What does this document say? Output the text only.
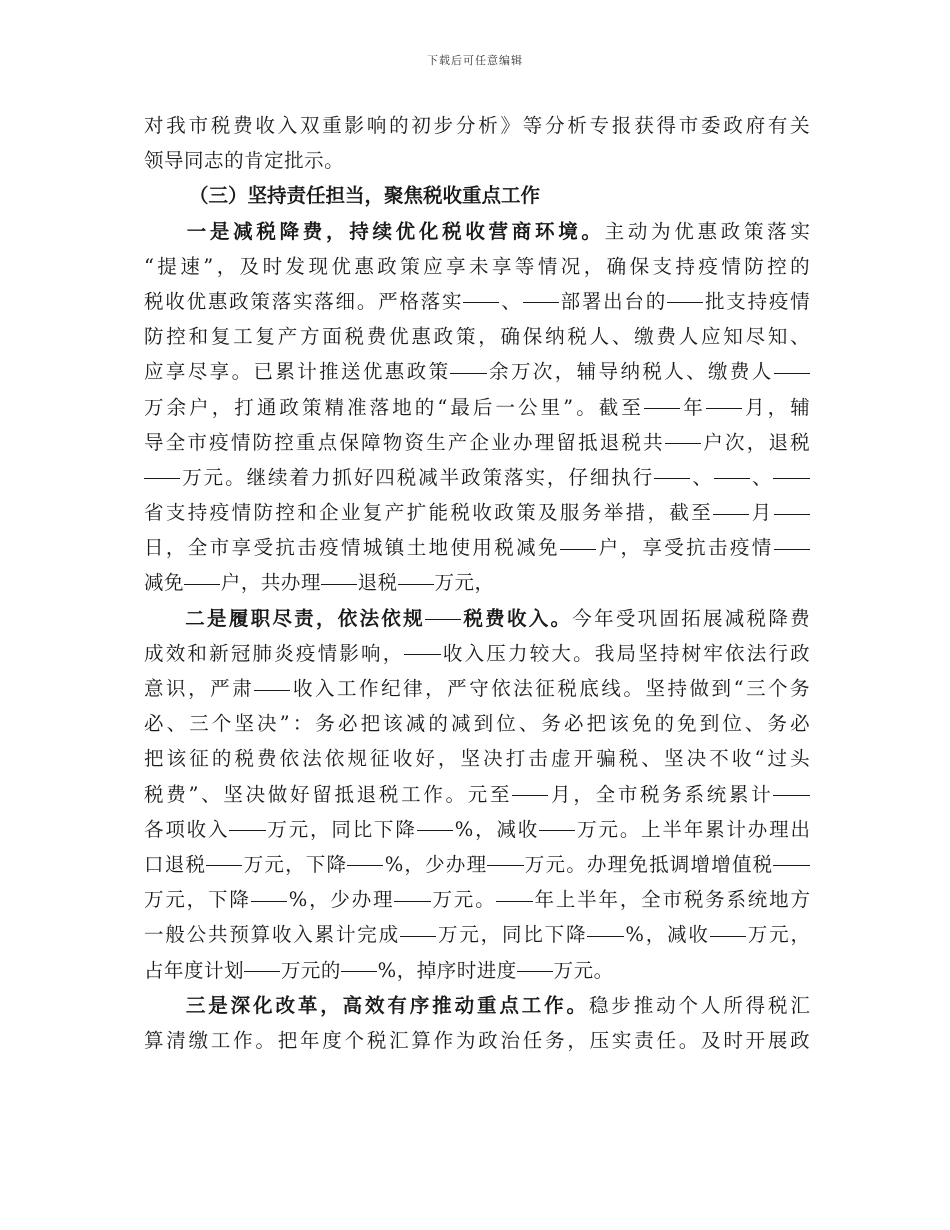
下载后可任意编辑
对 我 市 税 费 收 入 双 重 影 响 的 初 步 分 析 》 等 分 析 专 报 获 得 市 委 政 府 有 关
领 导 同 志 的 肯 定 批 示 。
（三）坚持责任担当，聚焦税收重点工作
一 是 减 税 降 费 ， 持 续 优 化 税 收 营 商 环 境 。 主 动 为 优 惠 政 策 落 实
“ 提 速 ” ， 及 时 发 现 优 惠 政 策 应 享 未 享 等 情 况 ， 确 保 支 持 疫 情 防 控 的
税 收 优 惠 政 策 落 实 落 细 。 严 格 落 实
、
部 署 出 台 的
批 支 持 疫 情
防 控 和 复 工 复 产 方 面 税 费 优 惠 政 策 ， 确 保 纳 税 人 、 缴 费 人 应 知 尽 知 、
应 享 尽 享 。 已 累 计 推 送 优 惠 政 策
余 万 次 ， 辅 导 纳 税 人 、 缴 费 人

万 余 户 ， 打 通 政 策 精 准 落 地 的 “ 最 后 一 公 里 ” 。 截 至
年
月 ， 辅
导 全 市 疫 情 防 控 重 点 保 障 物 资 生 产 企 业 办 理 留 抵 退 税 共
户 次 ， 退 税

万 元 。 继 续 着 力 抓 好 四 税 减 半 政 策 落 实 ， 仔 细 执 行
、
、

省 支 持 疫 情 防 控 和 企 业 复 产 扩 能 税 收 政 策 及 服 务 举 措 ， 截 至
月

日 ， 全 市 享 受 抗 击 疫 情 城 镇 土 地 使 用 税 减 免
户 ， 享 受 抗 击 疫 情

减 免
户 ， 共 办 理
退 税
万 元 ，
二 是 履 职 尽 责 ， 依 法 依 规
税 费 收 入 。 今 年 受 巩 固 拓 展 减 税 降 费
成 效 和 新 冠 肺 炎 疫 情 影 响 ，
收 入 压 力 较 大 。 我 局 坚 持 树 牢 依 法 行 政
意 识 ， 严 肃
收 入 工 作 纪 律 ， 严 守 依 法 征 税 底 线 。 坚 持 做 到 “ 三 个 务
必 、 三 个 坚 决 ” ： 务 必 把 该 减 的 减 到 位 、 务 必 把 该 免 的 免 到 位 、 务 必
把 该 征 的 税 费 依 法 依 规 征 收 好 ， 坚 决 打 击 虚 开 骗 税 、 坚 决 不 收 “ 过 头
税 费 ” 、 坚 决 做 好 留 抵 退 税 工 作 。 元 至
月 ， 全 市 税 务 系 统 累 计

各 项 收 入
万 元 ， 同 比 下 降
% ， 减 收
万 元 。 上 半 年 累 计 办 理 出
口 退 税
万 元 ， 下 降
% ， 少 办 理
万 元 。 办 理 免 抵 调 增 增 值 税

万 元 ， 下 降
% ， 少 办 理
万 元 。
年 上 半 年 ， 全 市 税 务 系 统 地 方
一 般 公 共 预 算 收 入 累 计 完 成
万 元 ， 同 比 下 降
% ， 减 收
万 元 ，
占 年 度 计 划
万 元 的
% ， 掉 序 时 进 度
万 元 。
三 是 深 化 改 革 ， 高 效 有 序 推 动 重 点 工 作 。 稳 步 推 动 个 人 所 得 税 汇
算 清 缴 工 作 。 把 年 度 个 税 汇 算 作 为 政 治 任 务 ， 压 实 责 任 。 及 时 开 展 政
